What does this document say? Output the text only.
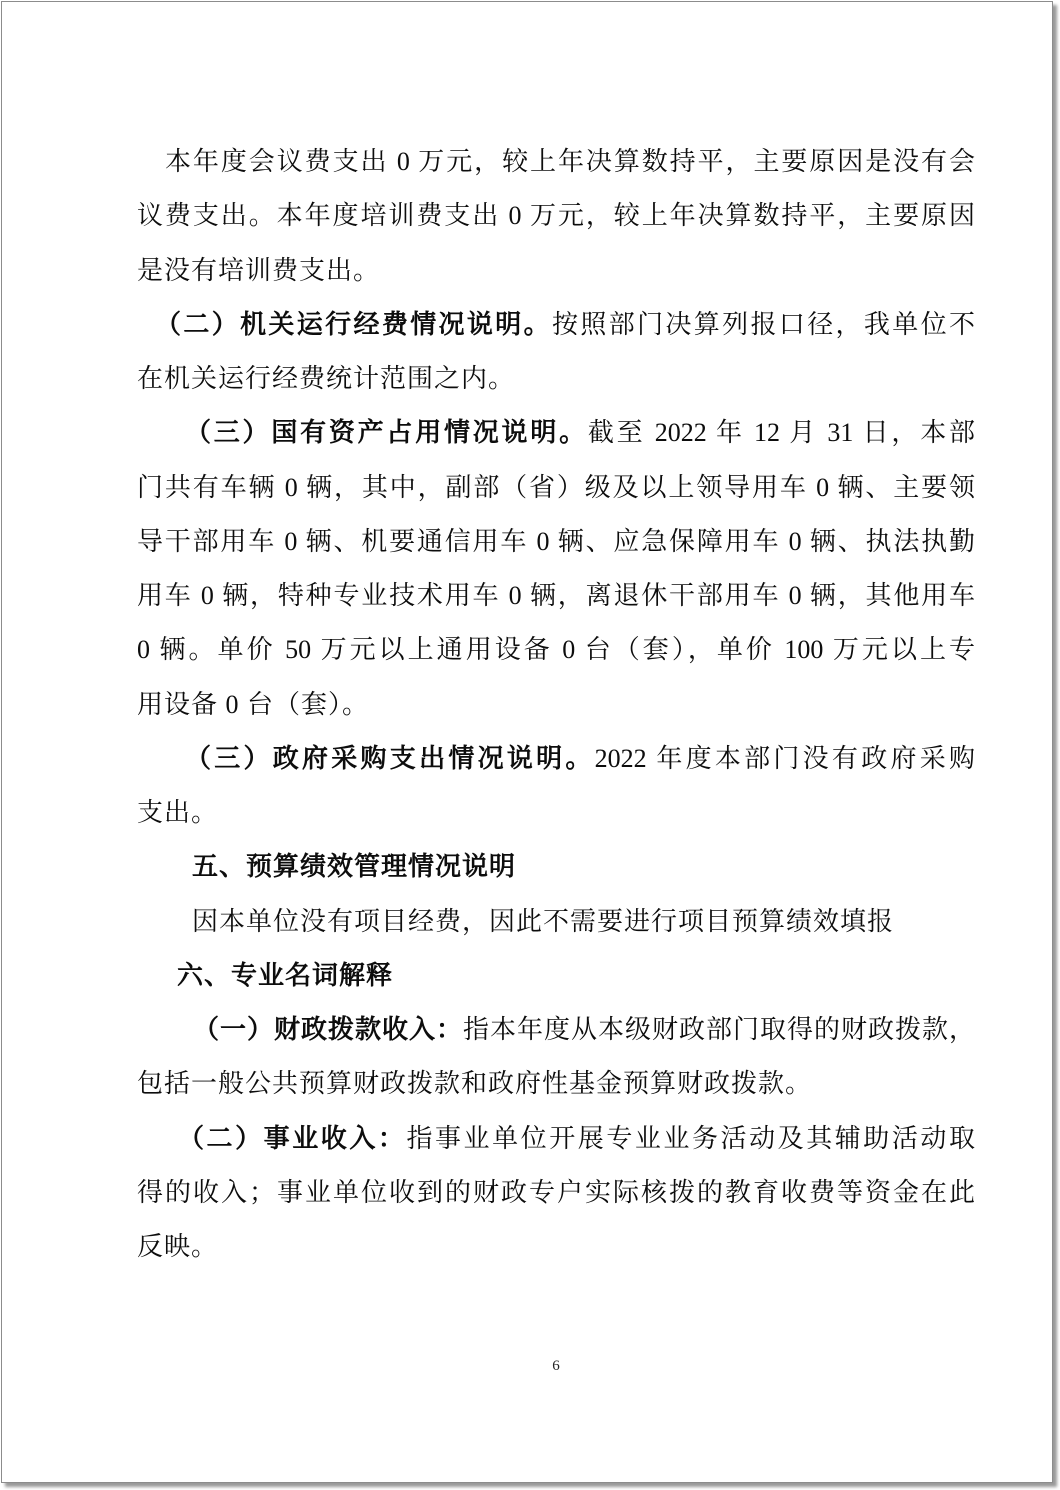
本年度会议费支出 0 万元，较上年决算数持平，主要原因是没有会
议费支出。本年度培训费支出 0 万元，较上年决算数持平，主要原因
是没有培训费支出。
（二）机关运行经费情况说明。按照部门决算列报口径，我单位不
在机关运行经费统计范围之内。
（三）国有资产占用情况说明。截至 2022 年 12 月 31 日，本部
门共有车辆 0 辆，其中，副部（省）级及以上领导用车 0 辆、主要领
导干部用车 0 辆、机要通信用车 0 辆、应急保障用车 0 辆、执法执勤
用车 0 辆，特种专业技术用车 0 辆，离退休干部用车 0 辆，其他用车
0 辆。单价 50 万元以上通用设备 0 台（套），单价 100 万元以上专
用设备 0 台（套）。
（三）政府采购支出情况说明。2022 年度本部门没有政府采购
支出。
五、预算绩效管理情况说明
因本单位没有项目经费，因此不需要进行项目预算绩效填报
六、专业名词解释
（一）财政拨款收入：指本年度从本级财政部门取得的财政拨款，
包括一般公共预算财政拨款和政府性基金预算财政拨款。
（二）事业收入：指事业单位开展专业业务活动及其辅助活动取
得的收入；事业单位收到的财政专户实际核拨的教育收费等资金在此
反映。
6
